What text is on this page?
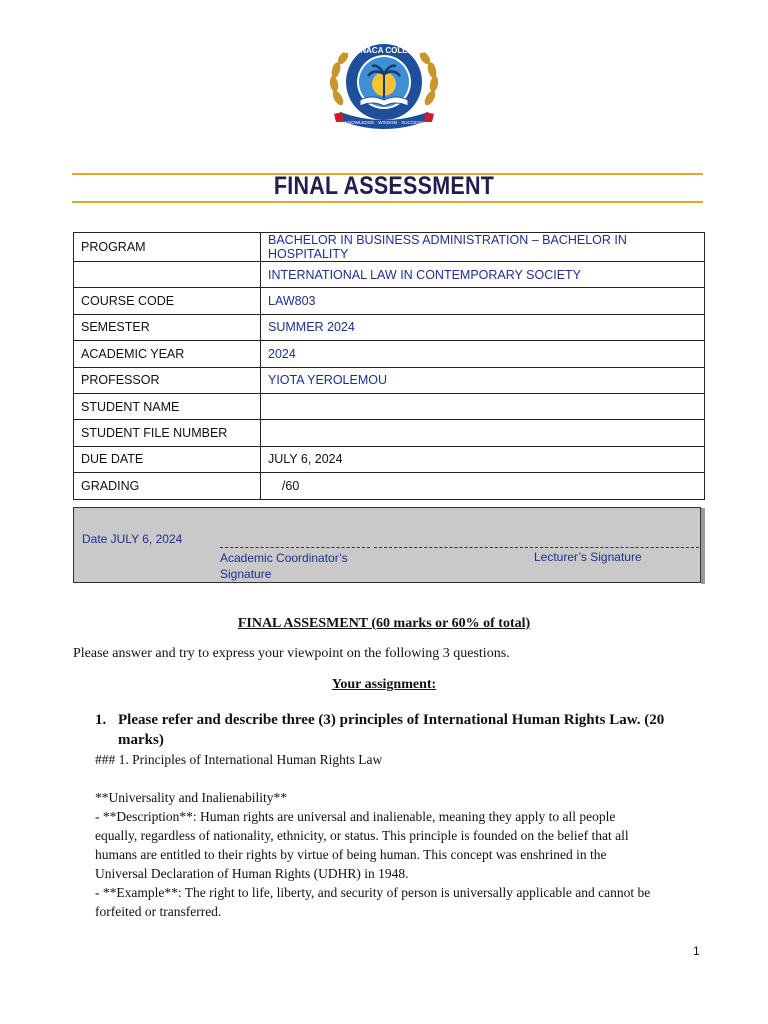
LARNACA COLLEGE
KNOWLEDGE · WISDOM · SUCCESS
FINAL ASSESSMENT
PROGRAM	BACHELOR IN BUSINESS ADMINISTRATION – BACHELOR IN HOSPITALITY
	INTERNATIONAL LAW IN CONTEMPORARY SOCIETY
COURSE CODE	LAW803
SEMESTER	SUMMER 2024
ACADEMIC YEAR	2024
PROFESSOR	YIOTA YEROLEMOU
STUDENT NAME	
STUDENT FILE NUMBER	
DUE DATE	JULY 6, 2024
GRADING	/60
Date JULY 6, 2024
Academic Coordinator’s Signature
Lecturer’s Signature
FINAL ASSESMENT (60 marks or 60% of total)
Please answer and try to express your viewpoint on the following 3 questions.
Your assignment:
1. Please refer and describe three (3) principles of International Human Rights Law. (20 marks)
### 1. Principles of International Human Rights Law
**Universality and Inalienability**
- **Description**: Human rights are universal and inalienable, meaning they apply to all people
equally, regardless of nationality, ethnicity, or status. This principle is founded on the belief that all
humans are entitled to their rights by virtue of being human. This concept was enshrined in the
Universal Declaration of Human Rights (UDHR) in 1948.
- **Example**: The right to life, liberty, and security of person is universally applicable and cannot be
forfeited or transferred.
1
